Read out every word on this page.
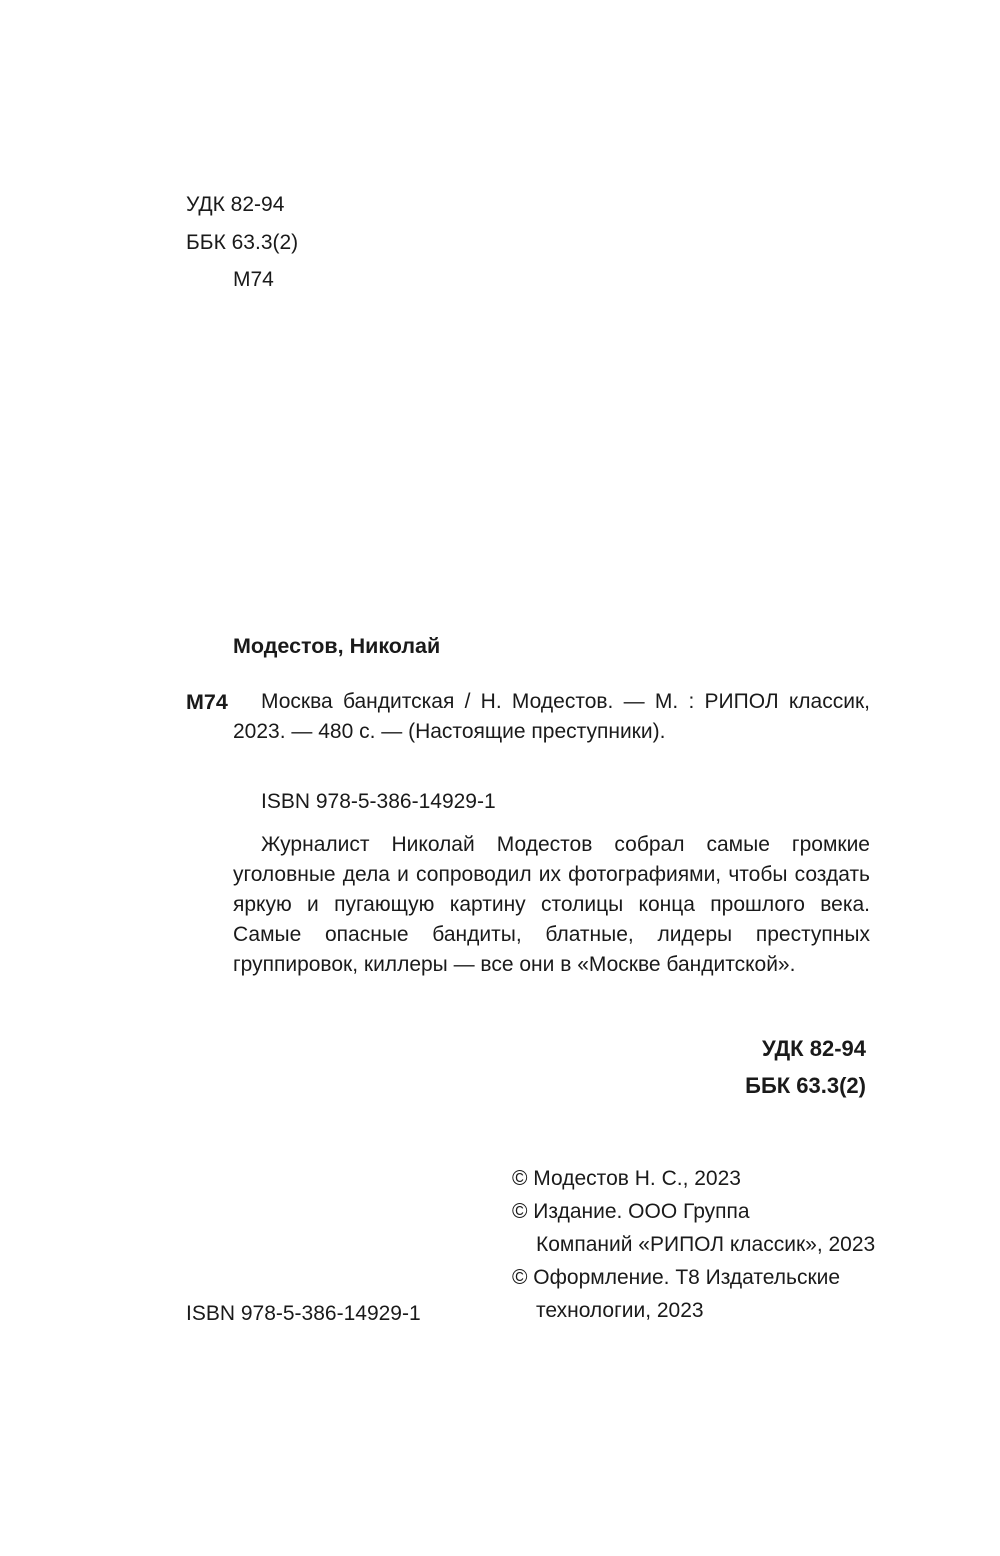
УДК 82-94
ББК 63.3(2)
М74
Модестов, Николай
М74	Москва бандитская / Н. Модестов. — М. : РИПОЛ классик, 2023. — 480 с. — (Настоящие преступники).

ISBN 978-5-386-14929-1

Журналист Николай Модестов собрал самые громкие уголовные дела и сопроводил их фотографиями, чтобы создать яркую и пугающую картину столицы конца прошлого века. Самые опасные бандиты, блатные, лидеры преступных группировок, киллеры — все они в «Москве бандитской».

УДК 82-94
ББК 63.3(2)
© Модестов Н. С., 2023
© Издание. ООО Группа
Компаний «РИПОЛ классик», 2023
© Оформление. Т8 Издательские
технологии, 2023
ISBN 978-5-386-14929-1
